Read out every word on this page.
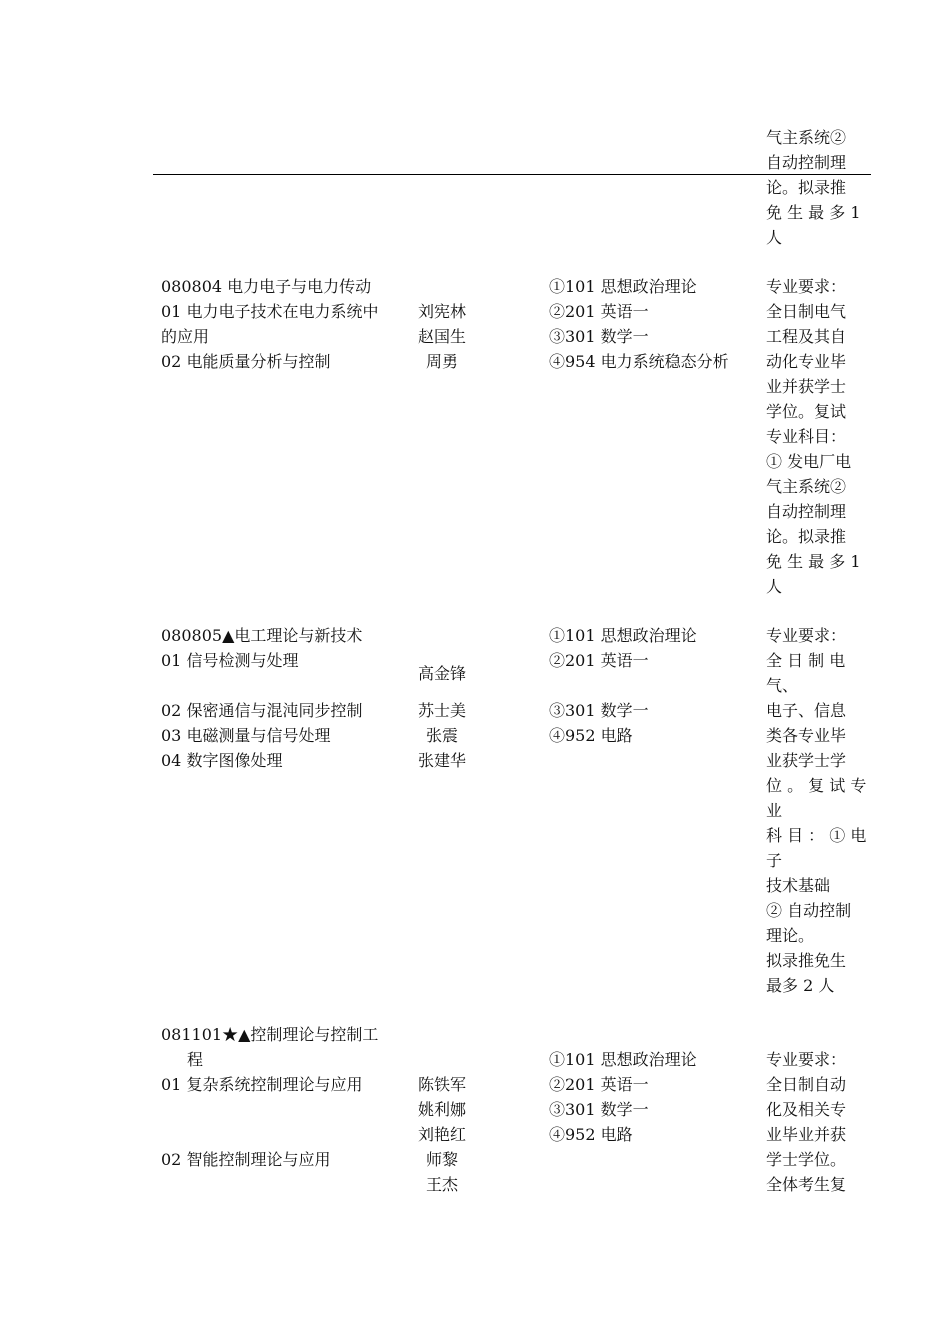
气主系统②
自动控制理
论。拟录推
免 生 最 多 1
人
080804 电力电子与电力传动
01 电力电子技术在电力系统中
的应用
02 电能质量分析与控制
刘宪林
赵国生
周勇
①101 思想政治理论
②201 英语一
③301 数学一
④954 电力系统稳态分析
专业要求：
全日制电气
工程及其自
动化专业毕
业并获学士
学位。复试
专业科目：
① 发电厂电
气主系统②
自动控制理
论。拟录推
免 生 最 多 1
人
080805▲电工理论与新技术
01 信号检测与处理
02 保密通信与混沌同步控制
03 电磁测量与信号处理
04 数字图像处理
高金锋
苏士美
张震
张建华
①101 思想政治理论
②201 英语一
③301 数学一
④952 电路
专业要求：
全 日 制 电
气、
电子、信息
类各专业毕
业获学士学
位 。 复 试 专
业
科 目 ： ① 电
子
技术基础
② 自动控制
理论。
拟录推免生
最多 2 人
081101★▲控制理论与控制工
程
01 复杂系统控制理论与应用
02 智能控制理论与应用
陈铁军
姚利娜
刘艳红
师黎
王杰
①101 思想政治理论
②201 英语一
③301 数学一
④952 电路
专业要求：
全日制自动
化及相关专
业毕业并获
学士学位。
全体考生复
